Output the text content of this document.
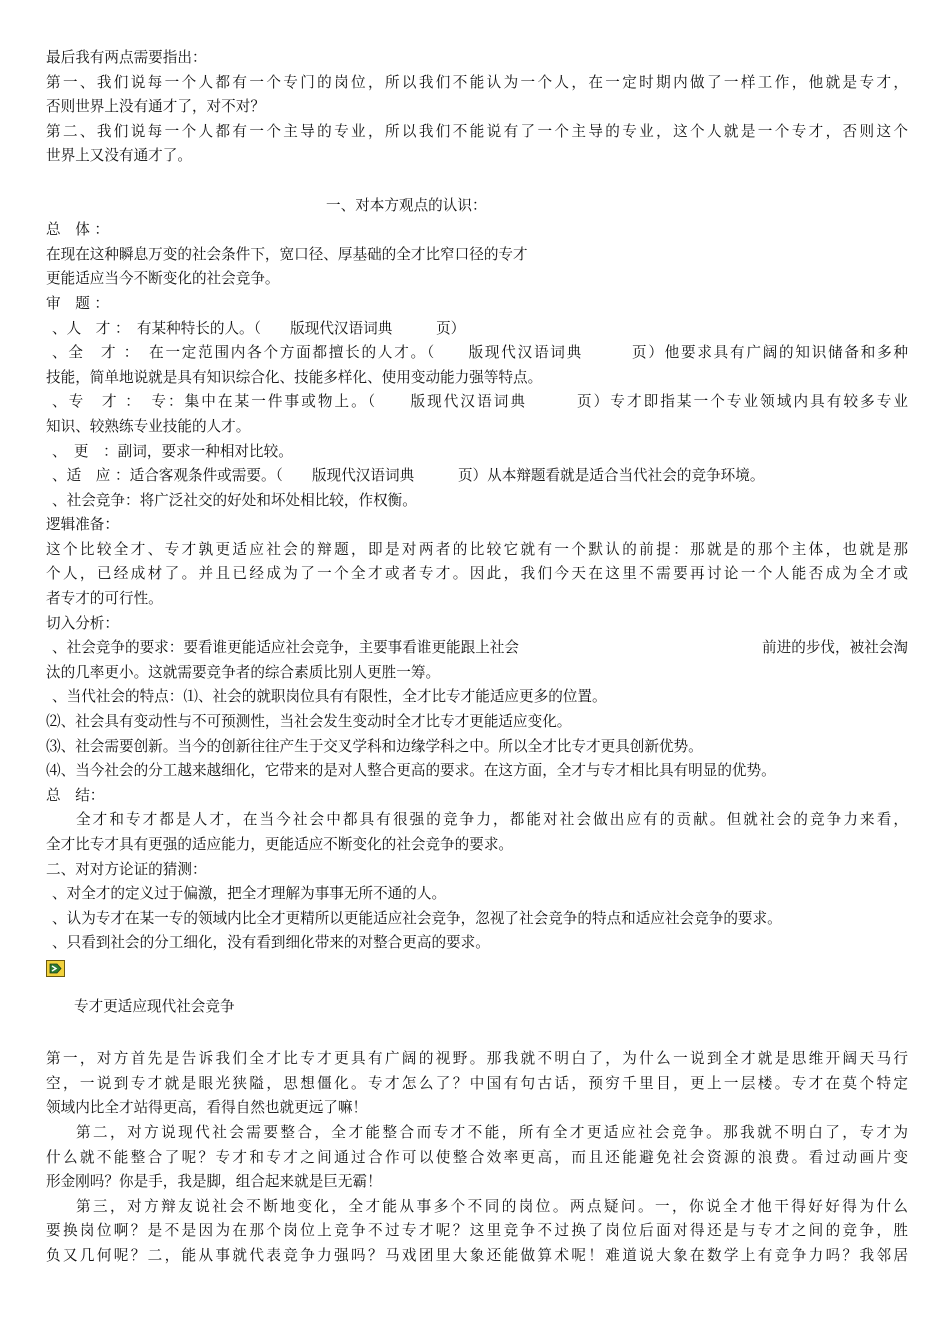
最后我有两点需要指出：
第一、我们说每一个人都有一个专门的岗位，所以我们不能认为一个人，在一定时期内做了一样工作，他就是专才，
否则世界上没有通才了，对不对？
第二、我们说每一个人都有一个主导的专业，所以我们不能说有了一个主导的专业，这个人就是一个专才，否则这个
世界上又没有通才了。
一、对本方观点的认识：
总　体 ：
在现在这种瞬息万变的社会条件下，宽口径、厚基础的全才比窄口径的专才
更能适应当今不断变化的社会竞争。
审　题 ：
、人　才 ：　有某种特长的人。（　　版现代汉语词典　　　页）
、全　才 ：　在一定范围内各个方面都擅长的人才。（　　版现代汉语词典　　　页）他要求具有广阔的知识储备和多种
技能，简单地说就是具有知识综合化、技能多样化、使用变动能力强等特点。
、专　才 ：　专：集中在某一件事或物上。（　　版现代汉语词典　　　页）专才即指某一个专业领域内具有较多专业
知识、较熟练专业技能的人才。
、　更　：副词，要求一种相对比较。
、适　应 ：适合客观条件或需要。（　　版现代汉语词典　　　页）从本辩题看就是适合当代社会的竞争环境。
、社会竞争：将广泛社交的好处和坏处相比较，作权衡。
逻辑准备：
这个比较全才、专才孰更适应社会的辩题，即是对两者的比较它就有一个默认的前提：那就是的那个主体，也就是那
个人，已经成材了。并且已经成为了一个全才或者专才。因此，我们今天在这里不需要再讨论一个人能否成为全才或
者专才的可行性。
切入分析：
、社会竞争的要求：要看谁更能适应社会竞争，主要事看谁更能跟上社会	前进的步伐，被社会淘
汰的几率更小。这就需要竞争者的综合素质比别人更胜一筹。
、当代社会的特点：⑴、社会的就职岗位具有有限性，全才比专才能适应更多的位置。
⑵、社会具有变动性与不可预测性，当社会发生变动时全才比专才更能适应变化。
⑶、社会需要创新。当今的创新往往产生于交叉学科和边缘学科之中。所以全才比专才更具创新优势。
⑷、当今社会的分工越来越细化，它带来的是对人整合更高的要求。在这方面，全才与专才相比具有明显的优势。
总　结：
全才和专才都是人才，在当今社会中都具有很强的竞争力，都能对社会做出应有的贡献。但就社会的竞争力来看，
全才比专才具有更强的适应能力，更能适应不断变化的社会竞争的要求。
二、对对方论证的猜测：
、对全才的定义过于偏激，把全才理解为事事无所不通的人。
、认为专才在某一专的领域内比全才更精所以更能适应社会竞争，忽视了社会竞争的特点和适应社会竞争的要求。
、只看到社会的分工细化，没有看到细化带来的对整合更高的要求。
专才更适应现代社会竞争
第一，对方首先是告诉我们全才比专才更具有广阔的视野。那我就不明白了，为什么一说到全才就是思维开阔天马行
空，一说到专才就是眼光狭隘，思想僵化。专才怎么了？中国有句古话，预穷千里目，更上一层楼。专才在莫个特定
领域内比全才站得更高，看得自然也就更远了嘛！
第二，对方说现代社会需要整合，全才能整合而专才不能，所有全才更适应社会竞争。那我就不明白了，专才为
什么就不能整合了呢？专才和专才之间通过合作可以使整合效率更高，而且还能避免社会资源的浪费。看过动画片变
形金刚吗？你是手，我是脚，组合起来就是巨无霸！
第三，对方辩友说社会不断地变化，全才能从事多个不同的岗位。两点疑问。一，你说全才他干得好好得为什么
要换岗位啊？是不是因为在那个岗位上竞争不过专才呢？这里竞争不过换了岗位后面对得还是与专才之间的竞争，胜
负又几何呢？二，能从事就代表竞争力强吗？马戏团里大象还能做算术呢！难道说大象在数学上有竞争力吗？我邻居
